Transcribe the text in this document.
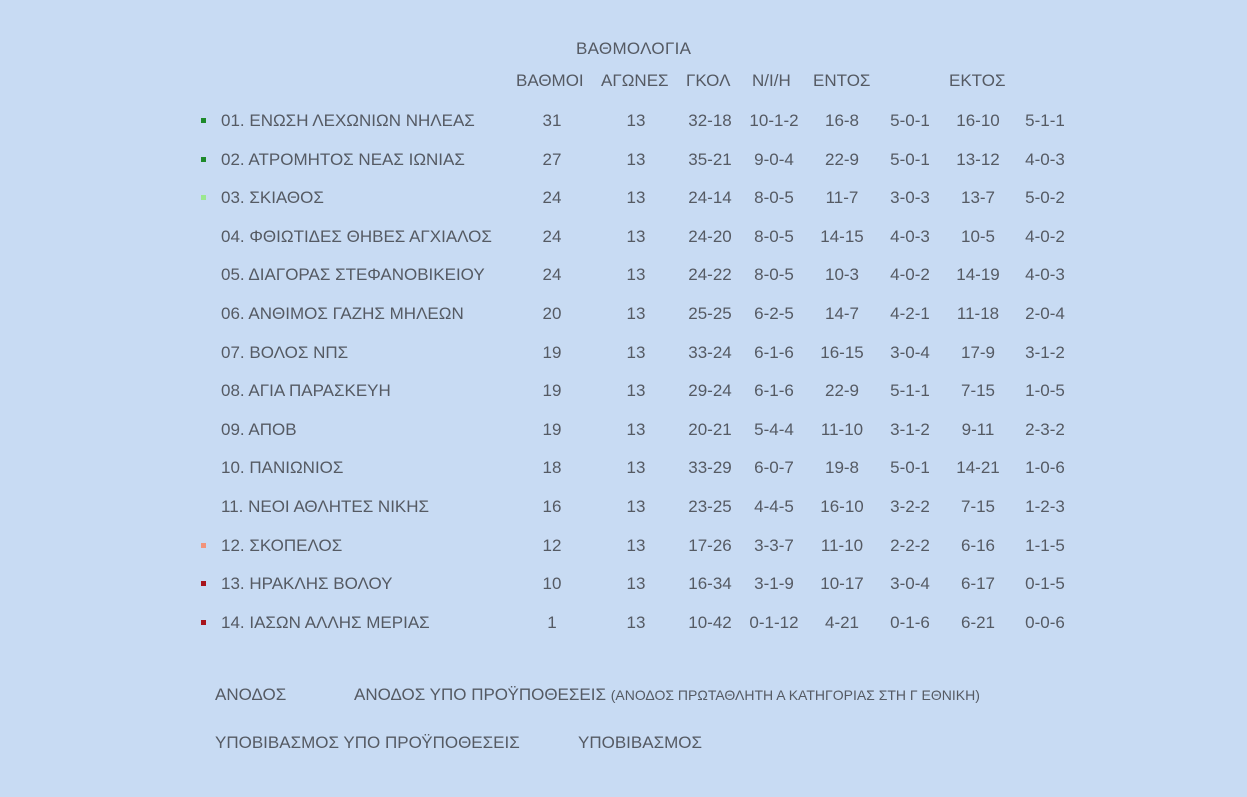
ΒΑΘΜΟΛΟΓΙΑ
ΒΑΘΜΟΙ ΑΓΩΝΕΣ ΓΚΟΛ Ν/Ι/Η ΕΝΤΟΣ	ΕΚΤΟΣ
01. ΕΝΩΣΗ ΛΕΧΩΝΙΩΝ ΝΗΛΕΑΣ	31	13	32-18	10-1-2	16-8	5-0-1	16-10	5-1-1
02. ΑΤΡΟΜΗΤΟΣ ΝΕΑΣ ΙΩΝΙΑΣ	27	13	35-21	9-0-4	22-9	5-0-1	13-12	4-0-3
03. ΣΚΙΑΘΟΣ	24	13	24-14	8-0-5	11-7	3-0-3	13-7	5-0-2
04. ΦΘΙΩΤΙΔΕΣ ΘΗΒΕΣ ΑΓΧΙΑΛΟΣ	24	13	24-20	8-0-5	14-15	4-0-3	10-5	4-0-2
05. ΔΙΑΓΟΡΑΣ ΣΤΕΦΑΝΟΒΙΚΕΙΟΥ	24	13	24-22	8-0-5	10-3	4-0-2	14-19	4-0-3
06. ΑΝΘΙΜΟΣ ΓΑΖΗΣ ΜΗΛΕΩΝ	20	13	25-25	6-2-5	14-7	4-2-1	11-18	2-0-4
07. ΒΟΛΟΣ ΝΠΣ	19	13	33-24	6-1-6	16-15	3-0-4	17-9	3-1-2
08. ΑΓΙΑ ΠΑΡΑΣΚΕΥΗ	19	13	29-24	6-1-6	22-9	5-1-1	7-15	1-0-5
09. ΑΠΟΒ	19	13	20-21	5-4-4	11-10	3-1-2	9-11	2-3-2
10. ΠΑΝΙΩΝΙΟΣ	18	13	33-29	6-0-7	19-8	5-0-1	14-21	1-0-6
11. ΝΕΟΙ ΑΘΛΗΤΕΣ ΝΙΚΗΣ	16	13	23-25	4-4-5	16-10	3-2-2	7-15	1-2-3
12. ΣΚΟΠΕΛΟΣ	12	13	17-26	3-3-7	11-10	2-2-2	6-16	1-1-5
13. ΗΡΑΚΛΗΣ ΒΟΛΟΥ	10	13	16-34	3-1-9	10-17	3-0-4	6-17	0-1-5
14. ΙΑΣΩΝ ΑΛΛΗΣ ΜΕΡΙΑΣ	1	13	10-42	0-1-12	4-21	0-1-6	6-21	0-0-6
ΑΝΟΔΟΣ	ΑΝΟΔΟΣ ΥΠΟ ΠΡΟΫΠΟΘΕΣΕΙΣ (ΑΝΟΔΟΣ ΠΡΩΤΑΘΛΗΤΗ Α ΚΑΤΗΓΟΡΙΑΣ ΣΤΗ Γ ΕΘΝΙΚΗ)
ΥΠΟΒΙΒΑΣΜΟΣ ΥΠΟ ΠΡΟΫΠΟΘΕΣΕΙΣ	ΥΠΟΒΙΒΑΣΜΟΣ
